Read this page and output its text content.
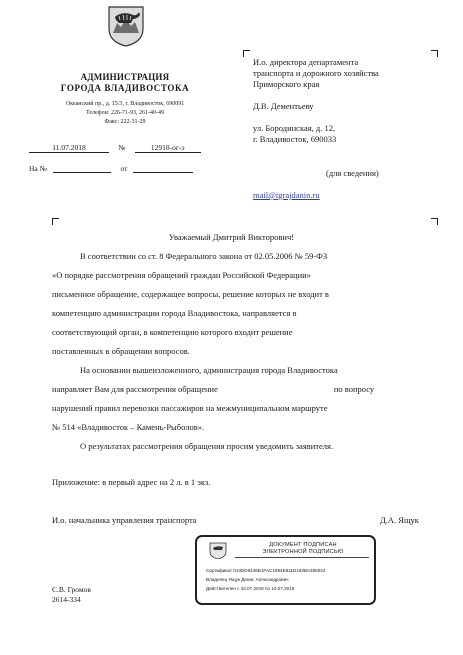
АДМИНИСТРАЦИЯ
ГОРОДА ВЛАДИВОСТОКА
Океанский пр., д. 15/3, г. Владивосток, 690091
Телефон: 226-71-93, 261-40-49
Факс: 222-31-29
11.07.2018	№	12918-ог-э
На №	от
И.о. директора департамента
транспорта и дорожного хозяйства
Приморского края
Д.В. Дементьеву
ул. Бородинская, д. 12,
г. Владивосток, 690033
(для сведения)
mail@igrajdanin.ru
Уважаемый Дмитрий Викторович!
В соответствии со ст. 8 Федерального закона от 02.05.2006 № 59-ФЗ
«О порядке рассмотрения обращений граждан Российской Федерации»
письменное обращение, содержащее вопросы, решение которых не входит в
компетенцию администрации города Владивостока, направляется в
соответствующий орган, в компетенцию которого входит решение
поставленных в обращении вопросов.
На основании вышеизложенного, администрация города Владивостока
направляет Вам для рассмотрения обращение	по вопросу
нарушений правил перевозки пассажиров на межмуниципальном маршруте
№ 514 «Владивосток – Камень-Рыболов».
О результатах рассмотрения обращения просим уведомить заявителя.
Приложение: в первый адрес на 2 л. в 1 экз.
И.о. начальника управления транспорта	Д.А. Ящук
ДОКУМЕНТ ПОДПИСАН
ЭЛЕКТРОННОЙ ПОДПИСЬЮ
Сертификат 013DD6446B1FAC1994E811D183BA485024
Владелец Ящук Денис Александрович
Действителен с 10.07.2018 по 10.07.2019
С.В. Громов
2614-334
